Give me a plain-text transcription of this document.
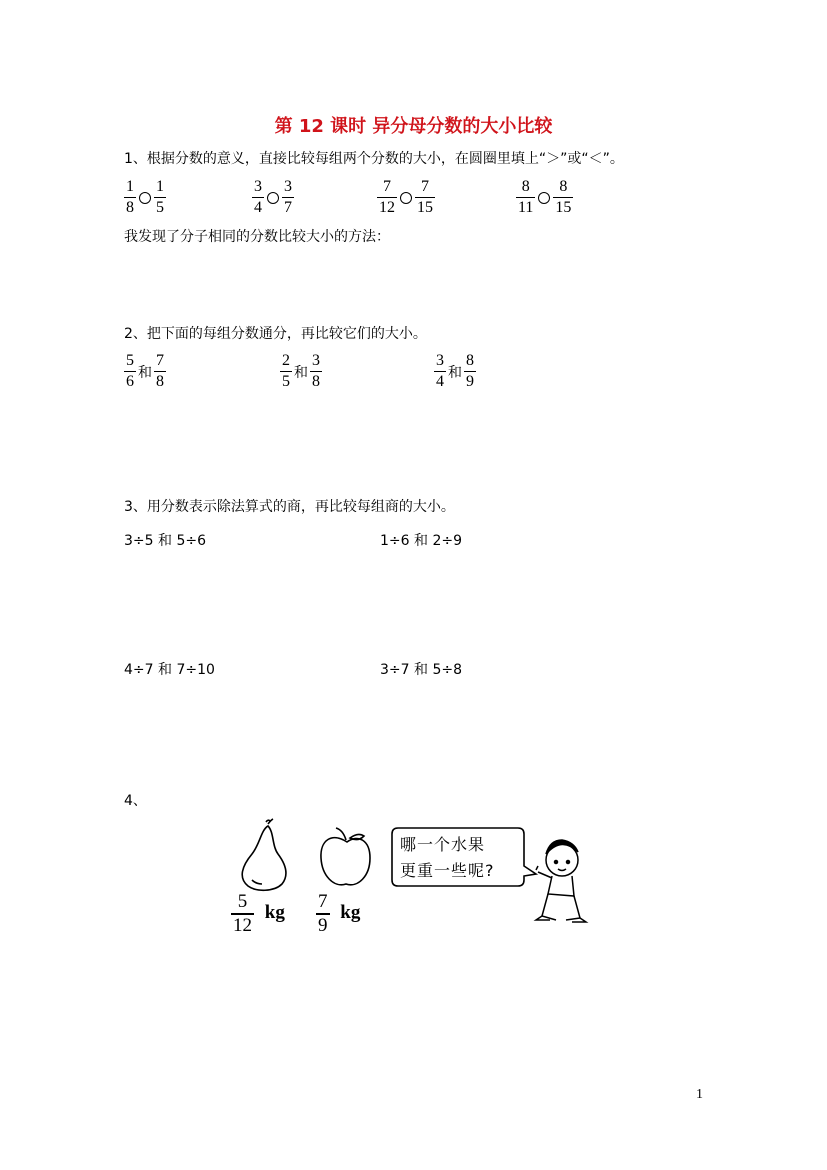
第 12 课时 异分母分数的大小比较
1、根据分数的意义，直接比较每组两个分数的大小，在圆圈里填上“＞”或“＜”。
$\frac{1}{8} \frac{1}{5}$	$\frac{3}{4} \frac{3}{7}$	$\frac{7}{12} \frac{7}{15}$	$\frac{8}{11} \frac{8}{15}$
我发现了分子相同的分数比较大小的方法：
2、把下面的每组分数通分，再比较它们的大小。
$\frac{5}{6}$ 和 $\frac{7}{8}$	$\frac{2}{5}$ 和 $\frac{3}{8}$	$\frac{3}{4}$ 和 $\frac{8}{9}$
3、用分数表示除法算式的商，再比较每组商的大小。
3÷5 和 5÷6	1÷6 和 2÷9
4÷7 和 7÷10	3÷7 和 5÷8
4、
$\frac{5}{12}$ kg $\frac{7}{9}$ kg
哪一个水果
更重一些呢?
1
